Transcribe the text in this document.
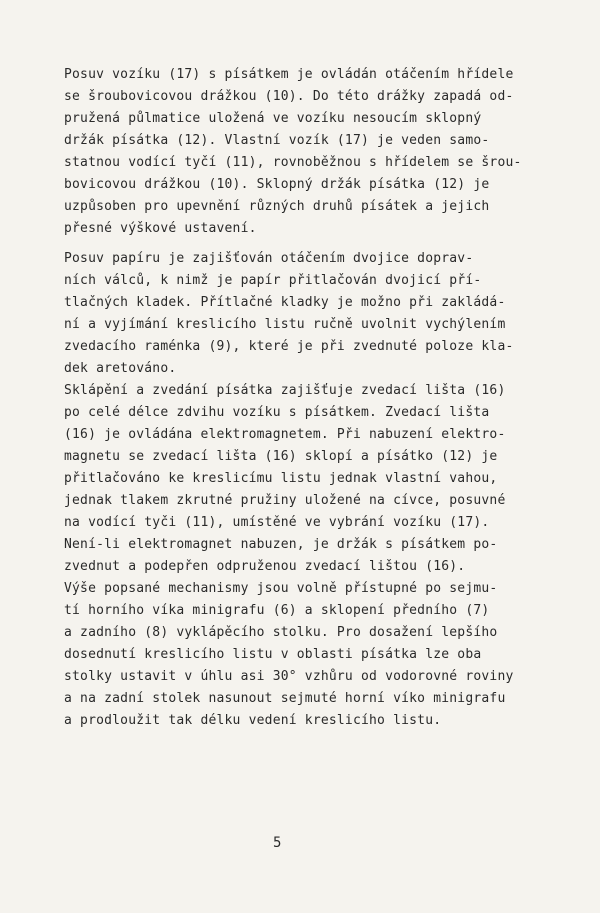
Posuv vozíku (17) s písátkem je ovládán otáčením hřídele
se šroubovicovou drážkou (10). Do této drážky zapadá od-
pružená půlmatice uložená ve vozíku nesoucím sklopný
držák písátka (12). Vlastní vozík (17) je veden samo-
statnou vodící tyčí (11), rovnoběžnou s hřídelem se šrou-
bovicovou drážkou (10). Sklopný držák písátka (12) je
uzpůsoben pro upevnění různých druhů písátek a jejich
přesné výškové ustavení.
Posuv papíru je zajišťován otáčením dvojice doprav-
ních válců, k nimž je papír přitlačován dvojicí pří-
tlačných kladek. Přítlačné kladky je možno při zakládá-
ní a vyjímání kreslicího listu ručně uvolnit vychýlením
zvedacího raménka (9), které je při zvednuté poloze kla-
dek aretováno.
Sklápění a zvedání písátka zajišťuje zvedací lišta (16)
po celé délce zdvihu vozíku s písátkem. Zvedací lišta
(16) je ovládána elektromagnetem. Při nabuzení elektro-
magnetu se zvedací lišta (16) sklopí a písátko (12) je
přitlačováno ke kreslicímu listu jednak vlastní vahou,
jednak tlakem zkrutné pružiny uložené na cívce, posuvné
na vodící tyči (11), umístěné ve vybrání vozíku (17).
Není-li elektromagnet nabuzen, je držák s písátkem po-
zvednut a podepřen odpruženou zvedací lištou (16).
Výše popsané mechanismy jsou volně přístupné po sejmu-
tí horního víka minigrafu (6) a sklopení předního (7)
a zadního (8) vyklápěcího stolku. Pro dosažení lepšího
dosednutí kreslicího listu v oblasti písátka lze oba
stolky ustavit v úhlu asi 30° vzhůru od vodorovné roviny
a na zadní stolek nasunout sejmuté horní víko minigrafu
a prodloužit tak délku vedení kreslicího listu.
5
